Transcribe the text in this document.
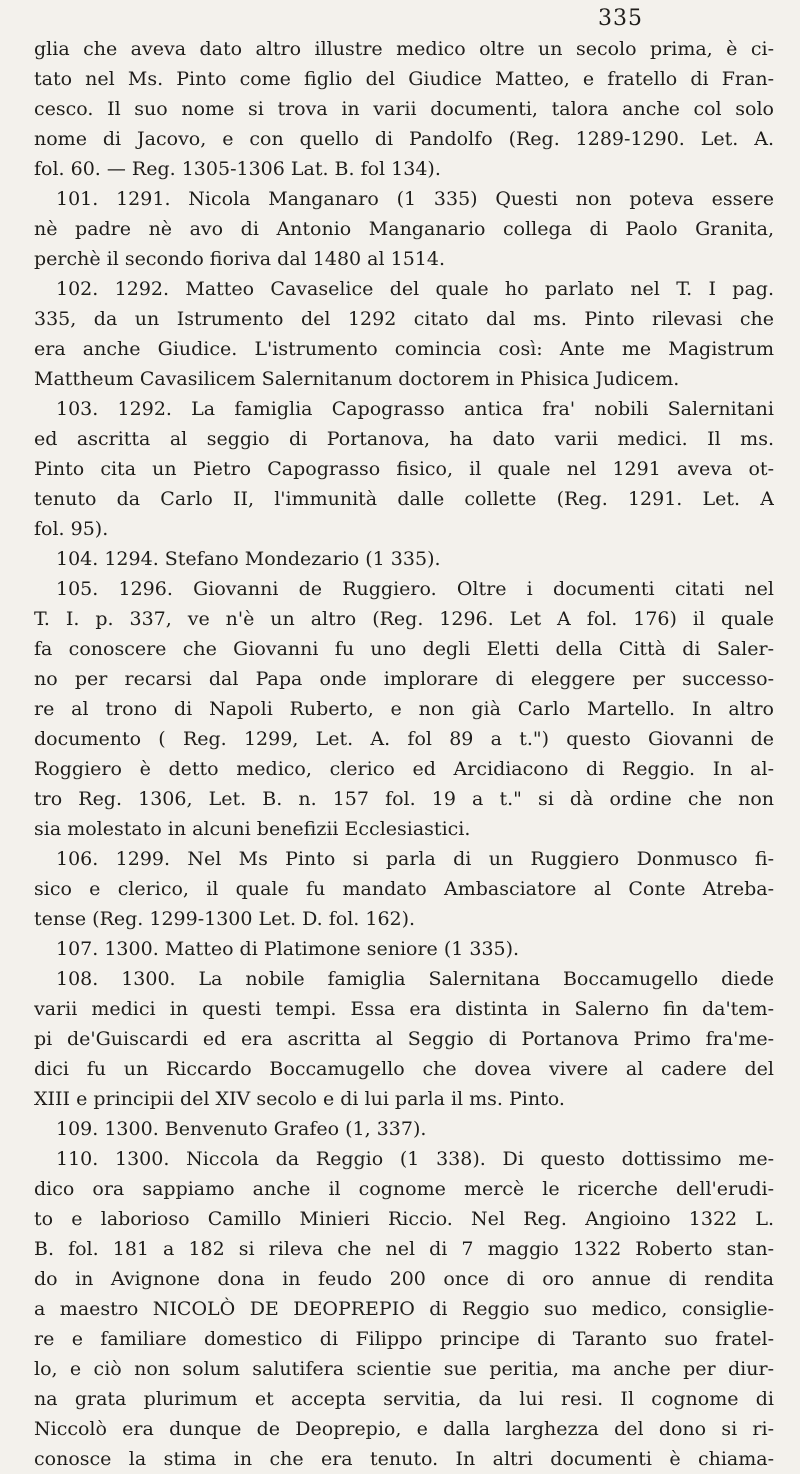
335
glia che aveva dato altro illustre medico oltre un secolo prima, è ci-
tato nel Ms. Pinto come figlio del Giudice Matteo, e fratello di Fran-
cesco. Il suo nome si trova in varii documenti, talora anche col solo
nome di Jacovo, e con quello di Pandolfo (Reg. 1289-1290. Let. A.
fol. 60. — Reg. 1305-1306 Lat. B. fol 134).
101. 1291. Nicola Manganaro (1 335) Questi non poteva essere
nè padre nè avo di Antonio Manganario collega di Paolo Granita,
perchè il secondo fioriva dal 1480 al 1514.
102. 1292. Matteo Cavaselice del quale ho parlato nel T. I pag.
335, da un Istrumento del 1292 citato dal ms. Pinto rilevasi che
era anche Giudice. L'istrumento comincia così: Ante me Magistrum
Mattheum Cavasilicem Salernitanum doctorem in Phisica Judicem.
103. 1292. La famiglia Capograsso antica fra' nobili Salernitani
ed ascritta al seggio di Portanova, ha dato varii medici. Il ms.
Pinto cita un Pietro Capograsso fisico, il quale nel 1291 aveva ot-
tenuto da Carlo II, l'immunità dalle collette (Reg. 1291. Let. A
fol. 95).
104. 1294. Stefano Mondezario (1 335).
105. 1296. Giovanni de Ruggiero. Oltre i documenti citati nel
T. I. p. 337, ve n'è un altro (Reg. 1296. Let A fol. 176) il quale
fa conoscere che Giovanni fu uno degli Eletti della Città di Saler-
no per recarsi dal Papa onde implorare di eleggere per successo-
re al trono di Napoli Ruberto, e non già Carlo Martello. In altro
documento ( Reg. 1299, Let. A. fol 89 a t.") questo Giovanni de
Roggiero è detto medico, clerico ed Arcidiacono di Reggio. In al-
tro Reg. 1306, Let. B. n. 157 fol. 19 a t." si dà ordine che non
sia molestato in alcuni benefizii Ecclesiastici.
106. 1299. Nel Ms Pinto si parla di un Ruggiero Donmusco fi-
sico e clerico, il quale fu mandato Ambasciatore al Conte Atreba-
tense (Reg. 1299-1300 Let. D. fol. 162).
107. 1300. Matteo di Platimone seniore (1 335).
108. 1300. La nobile famiglia Salernitana Boccamugello diede
varii medici in questi tempi. Essa era distinta in Salerno fin da'tem-
pi de'Guiscardi ed era ascritta al Seggio di Portanova Primo fra'me-
dici fu un Riccardo Boccamugello che dovea vivere al cadere del
XIII e principii del XIV secolo e di lui parla il ms. Pinto.
109. 1300. Benvenuto Grafeo (1, 337).
110. 1300. Niccola da Reggio (1 338). Di questo dottissimo me-
dico ora sappiamo anche il cognome mercè le ricerche dell'erudi-
to e laborioso Camillo Minieri Riccio. Nel Reg. Angioino 1322 L.
B. fol. 181 a 182 si rileva che nel di 7 maggio 1322 Roberto stan-
do in Avignone dona in feudo 200 once di oro annue di rendita
a maestro NICOLÒ DE DEOPREPIO di Reggio suo medico, consiglie-
re e familiare domestico di Filippo principe di Taranto suo fratel-
lo, e ciò non solum salutifera scientie sue peritia, ma anche per diur-
na grata plurimum et accepta servitia, da lui resi. Il cognome di
Niccolò era dunque de Deoprepio, e dalla larghezza del dono si ri-
conosce la stima in che era tenuto. In altri documenti è chiama-
